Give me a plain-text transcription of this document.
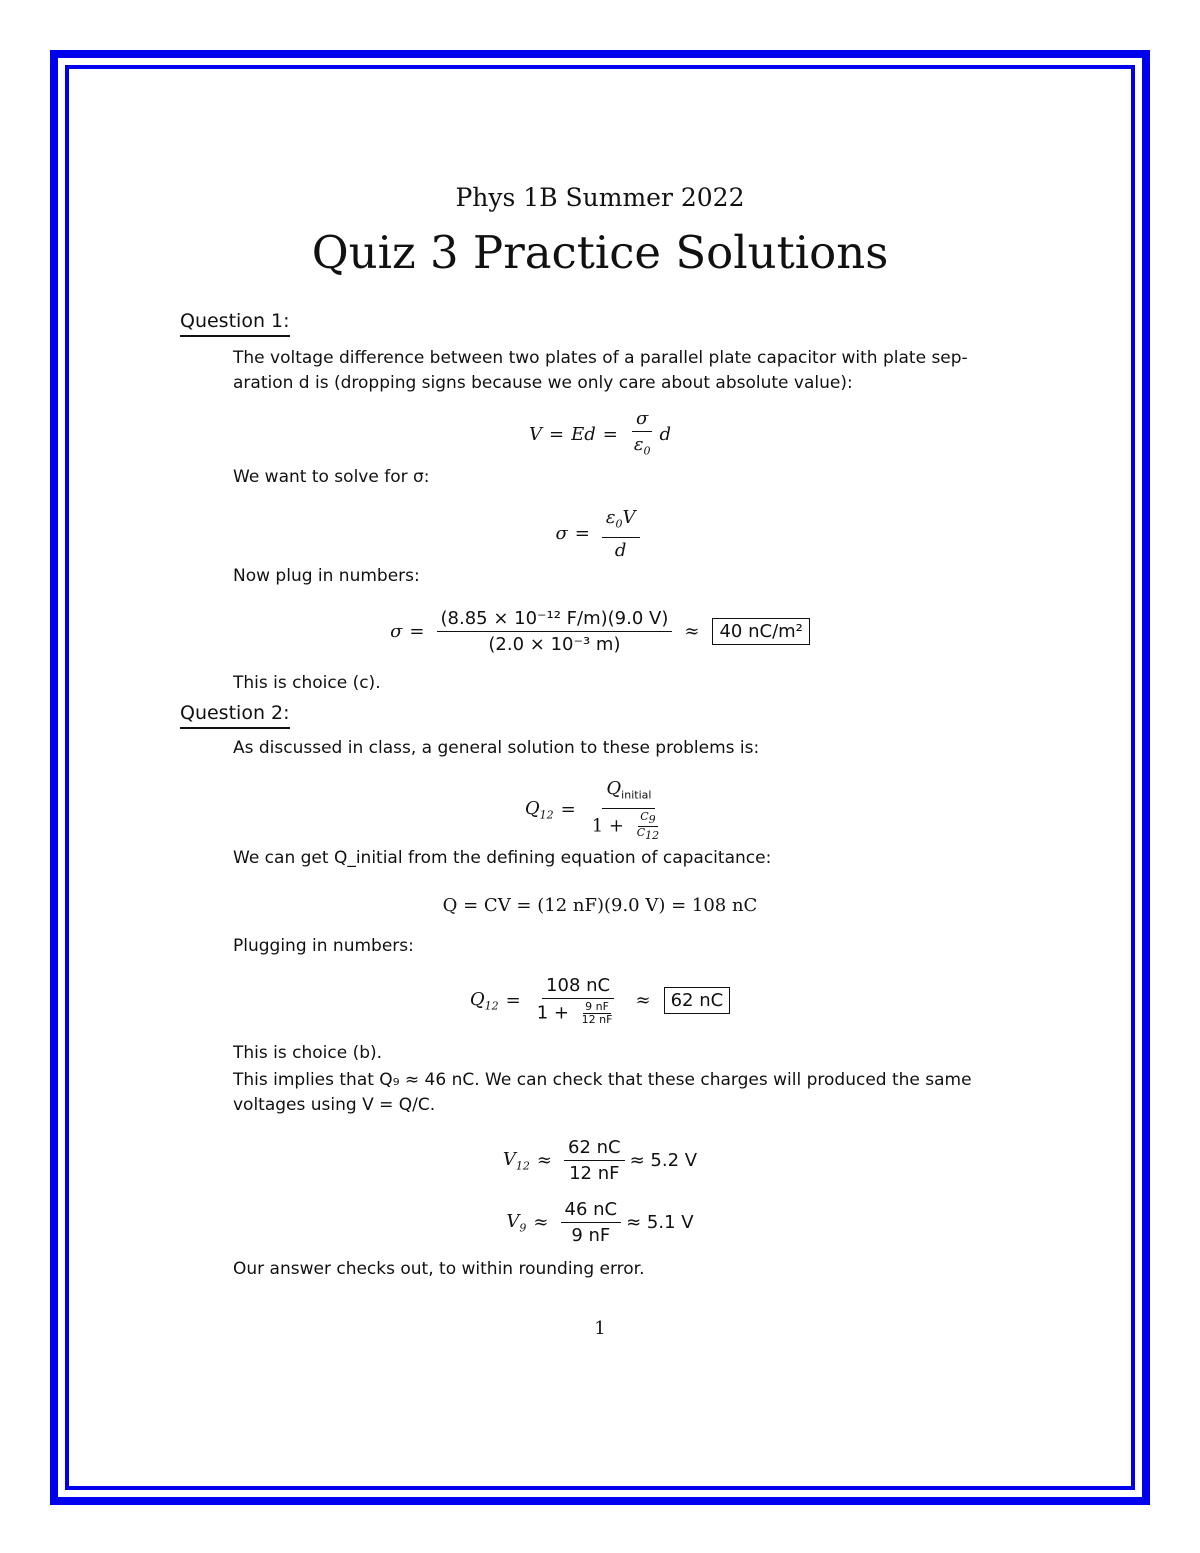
Phys 1B Summer 2022
Quiz 3 Practice Solutions
Question 1:
The voltage difference between two plates of a parallel plate capacitor with plate sep-aration d is (dropping signs because we only care about absolute value):
$V = Ed = \frac{\sigma}{\varepsilon_0}$ d
We want to solve for σ:
$\sigma = \frac{\varepsilon_0V}{d}$
Now plug in numbers:
$\sigma = \frac{\text{(8.85 × 10⁻¹² F/m)(9.0 V)}}{\text{(2.0 × 10⁻³ m)}}$ ≈	40 nC/m²
This is choice (c).
Question 2:
As discussed in class, a general solution to these problems is:
$Q_{12} = \frac{Q_{initial}}{1 + \frac{C_9}{C_{12}}}$
We can get Q_initial from the defining equation of capacitance:
Q = CV = (12 nF)(9.0 V) = 108 nC
Plugging in numbers:
$Q_{12} = \frac{108 nC}{1 + \frac{9 nF}{12 nF}}$ ≈	62 nC
This is choice (b).
This implies that Q₉ ≈ 46 nC. We can check that these charges will produced the same voltages using V = Q/C.
$V_{12} \approx \frac{62 nC}{12 nF} \approx 5.2$ V
$V_9 \approx \frac{46 nC}{9 nF} \approx 5.1$ V
Our answer checks out, to within rounding error.
1
